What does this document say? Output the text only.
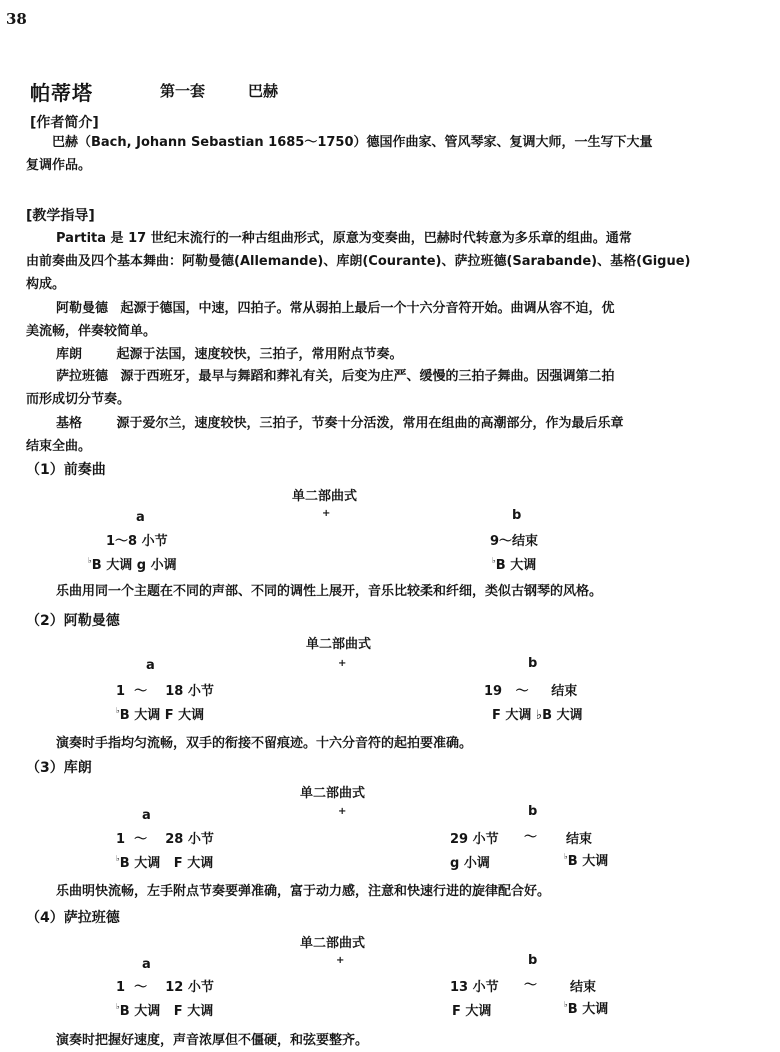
38
帕蒂塔	第一套	巴赫
[作者简介]
巴赫（Bach, Johann Sebastian 1685～1750）德国作曲家、管风琴家、复调大师，一生写下大量
复调作品。
[教学指导]
Partita 是 17 世纪末流行的一种古组曲形式，原意为变奏曲，巴赫时代转意为多乐章的组曲。通常
由前奏曲及四个基本舞曲：阿勒曼德(Allemande)、库朗(Courante)、萨拉班德(Sarabande)、基格(Gigue)
构成。
阿勒曼德 起源于德国，中速，四拍子。常从弱拍上最后一个十六分音符开始。曲调从容不迫，优
美流畅，伴奏较简单。
库朗	起源于法国，速度较快，三拍子，常用附点节奏。
萨拉班德 源于西班牙，最早与舞蹈和葬礼有关，后变为庄严、缓慢的三拍子舞曲。因强调第二拍
而形成切分节奏。
基格	源于爱尔兰，速度较快，三拍子，节奏十分活泼，常用在组曲的高潮部分，作为最后乐章
结束全曲。
（1）前奏曲
单二部曲式
a	+	b
1～8 小节	9～结束
♭B 大调 g 小调	♭B 大调
乐曲用同一个主题在不同的声部、不同的调性上展开，音乐比较柔和纤细，类似古钢琴的风格。
（2）阿勒曼德
单二部曲式
a	+	b
1  ～    18 小节	19   ～     结束
♭B 大调 F 大调	F 大调 ♭B 大调
演奏时手指均匀流畅，双手的衔接不留痕迹。十六分音符的起拍要准确。
（3）库朗
单二部曲式
a	+	b
1  ～    28 小节	29 小节 ～ 结束
♭B 大调   F 大调	g 小调	♭B 大调
乐曲明快流畅，左手附点节奏要弹准确，富于动力感，注意和快速行进的旋律配合好。
（4）萨拉班德
单二部曲式
a	+	b
1  ～    12 小节	13 小节 ～	结束
♭B 大调   F 大调	F 大调	♭B 大调
演奏时把握好速度，声音浓厚但不僵硬，和弦要整齐。
